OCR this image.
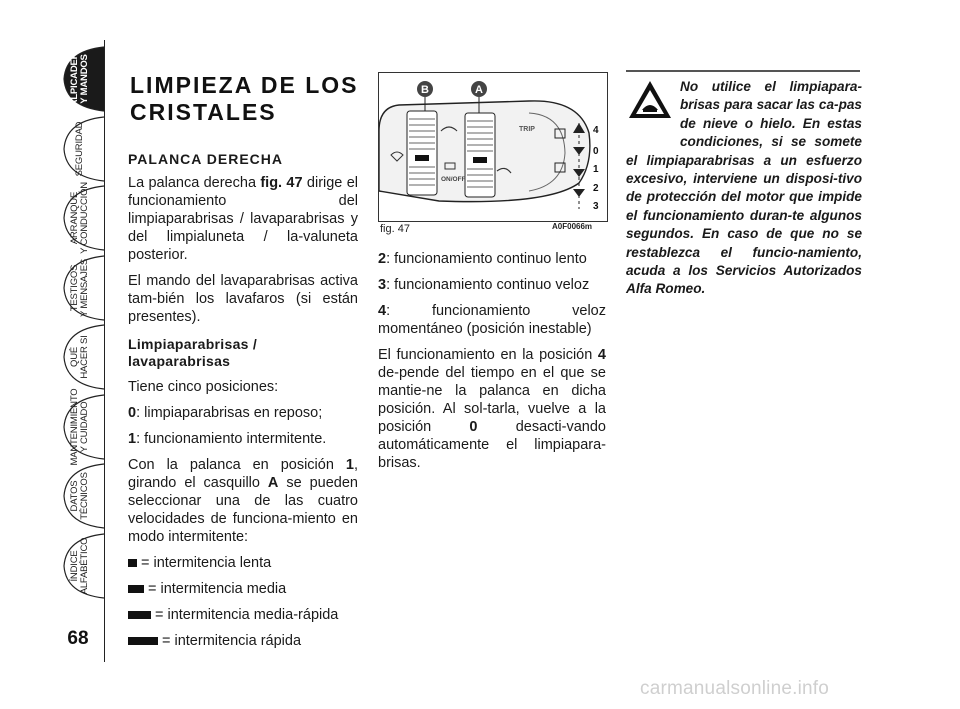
SALPICADERO
Y MANDOS
SEGURIDAD
ARRANQUE
Y CONDUCCIÓN
TESTIGOS
Y MENSAJES
QUÉ
HACER SI
MANTENIMIENTO
Y CUIDADO
DATOS
TÉCNICOS
ÍNDICE
ALFABÉTICO
68
LIMPIEZA DE LOS CRISTALES
PALANCA DERECHA

La palanca derecha fig. 47 dirige el funcionamiento del limpiaparabrisas / lavaparabrisas y del limpialuneta / la-valuneta posterior.

El mando del lavaparabrisas activa tam-bién los lavafaros (si están presentes).

Limpiaparabrisas / lavaparabrisas

Tiene cinco posiciones:

0: limpiaparabrisas en reposo;

1: funcionamiento intermitente.

Con la palanca en posición 1, girando el casquillo A se pueden seleccionar una de las cuatro velocidades de funciona-miento en modo intermitente:

= intermitencia lenta

= intermitencia media

= intermitencia media-rápida

= intermitencia rápida

B	A
TRIP
ON/OFF
4
0
1
2
3
fig. 47	A0F0066m

2: funcionamiento continuo lento

3: funcionamiento continuo veloz

4: funcionamiento veloz momentáneo (posición inestable)

El funcionamiento en la posición 4 de-pende del tiempo en el que se mantie-ne la palanca en dicha posición. Al sol-tarla, vuelve a la posición 0 desacti-vando automáticamente el limpiapara-brisas.

No utilice el limpiapara-brisas para sacar las ca-pas de nieve o hielo. En estas condiciones, si se somete el limpiaparabrisas a un esfuerzo excesivo, interviene un disposi-tivo de protección del motor que impide el funcionamiento duran-te algunos segundos. En caso de que no se restablezca el funcio-namiento, acuda a los Servicios Autorizados Alfa Romeo.
carmanualsonline.info
